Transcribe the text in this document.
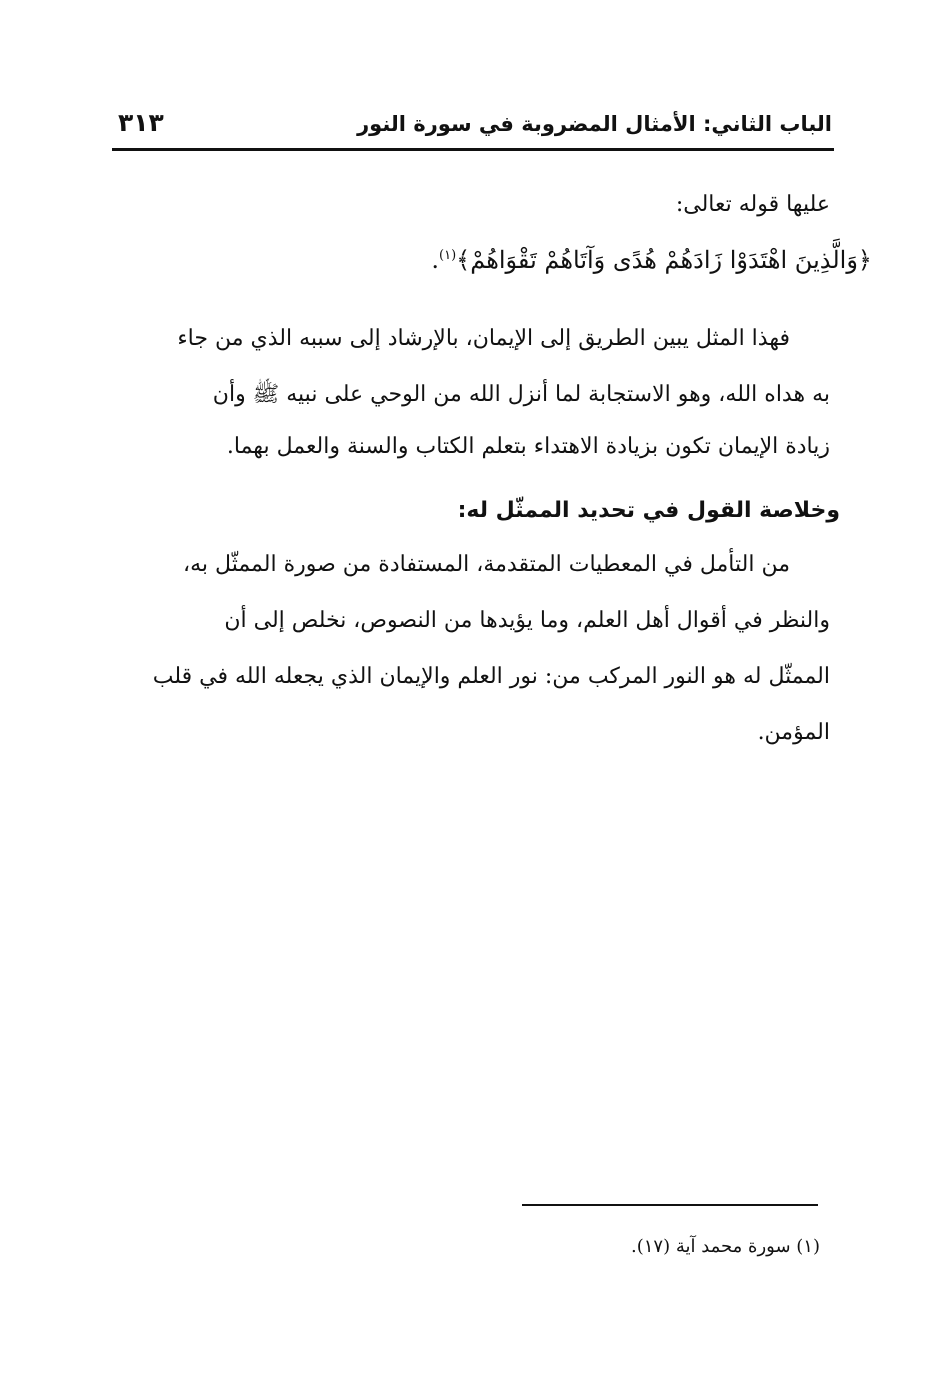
الباب الثاني: الأمثال المضروبة في سورة النور
٣١٣
عليها قوله تعالى:
﴿وَالَّذِينَ اهْتَدَوْا زَادَهُمْ هُدًى وَآتَاهُمْ تَقْوَاهُمْ﴾$^{(١)}$.
فهذا المثل يبين الطريق إلى الإيمان، بالإرشاد إلى سببه الذي من جاء
به هداه الله، وهو الاستجابة لما أنزل الله من الوحي على نبيه ﷺ وأن
زيادة الإيمان تكون بزيادة الاهتداء بتعلم الكتاب والسنة والعمل بهما.
وخلاصة القول في تحديد الممثّل له:
من التأمل في المعطيات المتقدمة، المستفادة من صورة الممثّل به،
والنظر في أقوال أهل العلم، وما يؤيدها من النصوص، نخلص إلى أن
الممثّل له هو النور المركب من: نور العلم والإيمان الذي يجعله الله في قلب
المؤمن.
(١) سورة محمد آية (١٧).
